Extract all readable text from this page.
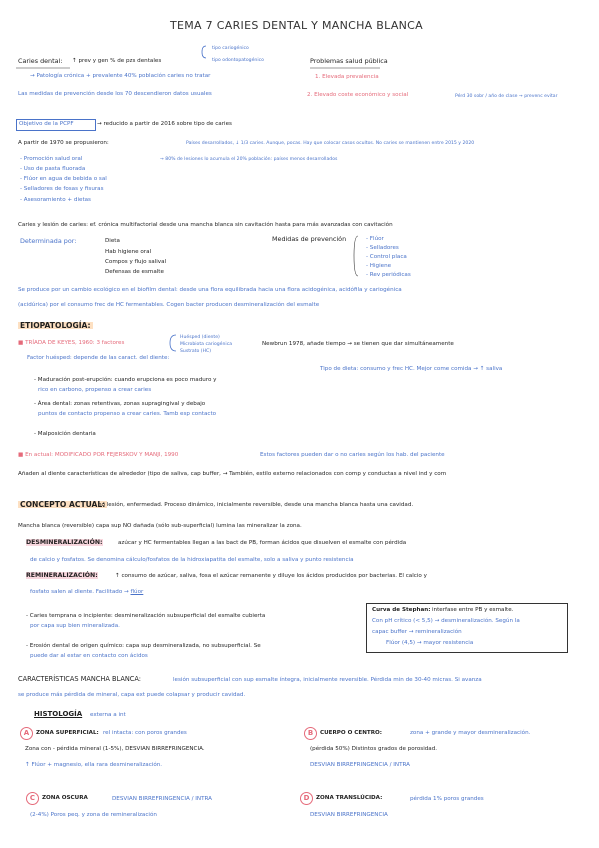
TEMA 7 CARIES DENTAL Y MANCHA BLANCA
Caries dental: ↑ prev y gen % de pzs dentales
tipo cariogénico
tipo odontopatogénico
→ Patología crónica + prevalente 40% población caries no tratar
Las medidas de prevención desde los 70 descendieron datos usuales
Problemas salud pública
1. Elevada prevalencia
2. Elevado coste económico y social	Pérd 30 sobr / año de clase → prevenc evitar
Objetivo de la PCPF	→ reducido a partir de 2016 sobre tipo de caries
A partir de 1970 se propusieron:	Países desarrollados, ↓ 1/3 caries. Aunque, pocas. Hay que colocar casos ocultos. No caries se mantienen entre 2015 y 2020
→ 80% de lesiones lo acumula el 20% población: países menos desarrollados
- Promoción salud oral
- Uso de pasta fluorada
- Flúor en agua de bebida o sal
- Selladores de fosas y fisuras
- Asesoramiento + dietas
Caries y lesión de caries: ef. crónica multifactorial desde una mancha blanca sin cavitación hasta para más avanzadas con cavitación
Determinada por:	Dieta
Hab higiene oral
Compos y flujo salival
Defensas de esmalte
Medidas de prevención	- Flúor
- Selladores
- Control placa
- Higiene
- Rev periódicas
Se produce por un cambio ecológico en el biofilm dental: desde una flora equilibrada hacia una flora acidogénica, acidófila y cariogénica
(acidúrica) por el consumo frec de HC fermentables. Cogen bacter producen desmineralización del esmalte
ETIOPATOLOGÍA:
■ TRÍADA DE KEYES, 1960: 3 factores
Huésped (diente)
Microbiota cariogénica
Sustrato (HC)
Newbrun 1978, añade tiempo → se tienen que dar simultáneamente
Factor huésped: depende de las caract. del diente:
Tipo de dieta: consumo y frec HC. Mejor come comida → ↑ saliva
- Maduración post-erupción: cuando erupciona es poco maduro y
rico en carbono, propenso a crear caries
- Área dental: zonas retentivas, zonas supragingival y debajo
puntos de contacto propenso a crear caries. Tamb esp contacto
- Malposición dentaria
■ En actual: MODIFICADO POR FEJERSKOV Y MANJI, 1990	Estos factores pueden dar o no caries según los hab. del paciente
Añaden al diente características de alrededor (tipo de saliva, cap buffer, → También, estilo externo relacionados con comp y conductas a nivel ind y com
CONCEPTO ACTUAL:
no lesión, enfermedad. Proceso dinámico, inicialmente reversible, desde una mancha blanca hasta una cavidad.
Mancha blanca (reversible) capa sup NO dañada (sólo sub-superficial) lumina las mineralizar la zona.
DESMINERALIZACIÓN:	azúcar y HC fermentables llegan a las bact de PB, forman ácidos que disuelven el esmalte con pérdida
de calcio y fosfatos. Se denomina cálculo/fosfatos de la hidroxiapatita del esmalte, solo a saliva y punto resistencia
REMINERALIZACIÓN:	↑ consumo de azúcar, saliva, fosa el azúcar remanente y diluye los ácidos producidos por bacterias. El calcio y
fosfato salen al diente. Facilitado → flúor
- Caries temprana o incipiente: desmineralización subsuperficial del esmalte cubierta
por capa sup bien mineralizada.
- Erosión dental de origen químico: capa sup desmineralizada, no subsuperficial. Se
puede dar al estar en contacto con ácidos
Curva de Stephan: interfase entre PB y esmalte.
Con pH crítico (< 5,5) → desmineralización. Según la
capac buffer → remineralización
Flúor (4,5) → mayor resistencia
CARACTERÍSTICAS MANCHA BLANCA:	lesión subsuperficial con sup esmalte íntegra, inicialmente reversible. Pérdida min de 30-40 micras. Si avanza
se produce más pérdida de mineral, capa ext puede colapsar y producir cavidad.
HISTOLOGÍA externa a int
A	ZONA SUPERFICIAL: rel intacta: con poros grandes
Zona con - pérdida mineral (1-5%), DESVIAN BIRREFRINGENCIA.
↑ Flúor + magnesio, ella rara desmineralización.
B	CUERPO O CENTRO:	zona + grande y mayor desmineralización.
(pérdida 50%) Distintos grados de porosidad.
DESVIAN BIRREFRINGENCIA / INTRA
C	ZONA OSCURA	DESVIAN BIRREFRINGENCIA / INTRA
(2-4%) Poros peq. y zona de remineralización
D	ZONA TRANSLÚCIDA:	pérdida 1% poros grandes
DESVIAN BIRREFRINGENCIA
